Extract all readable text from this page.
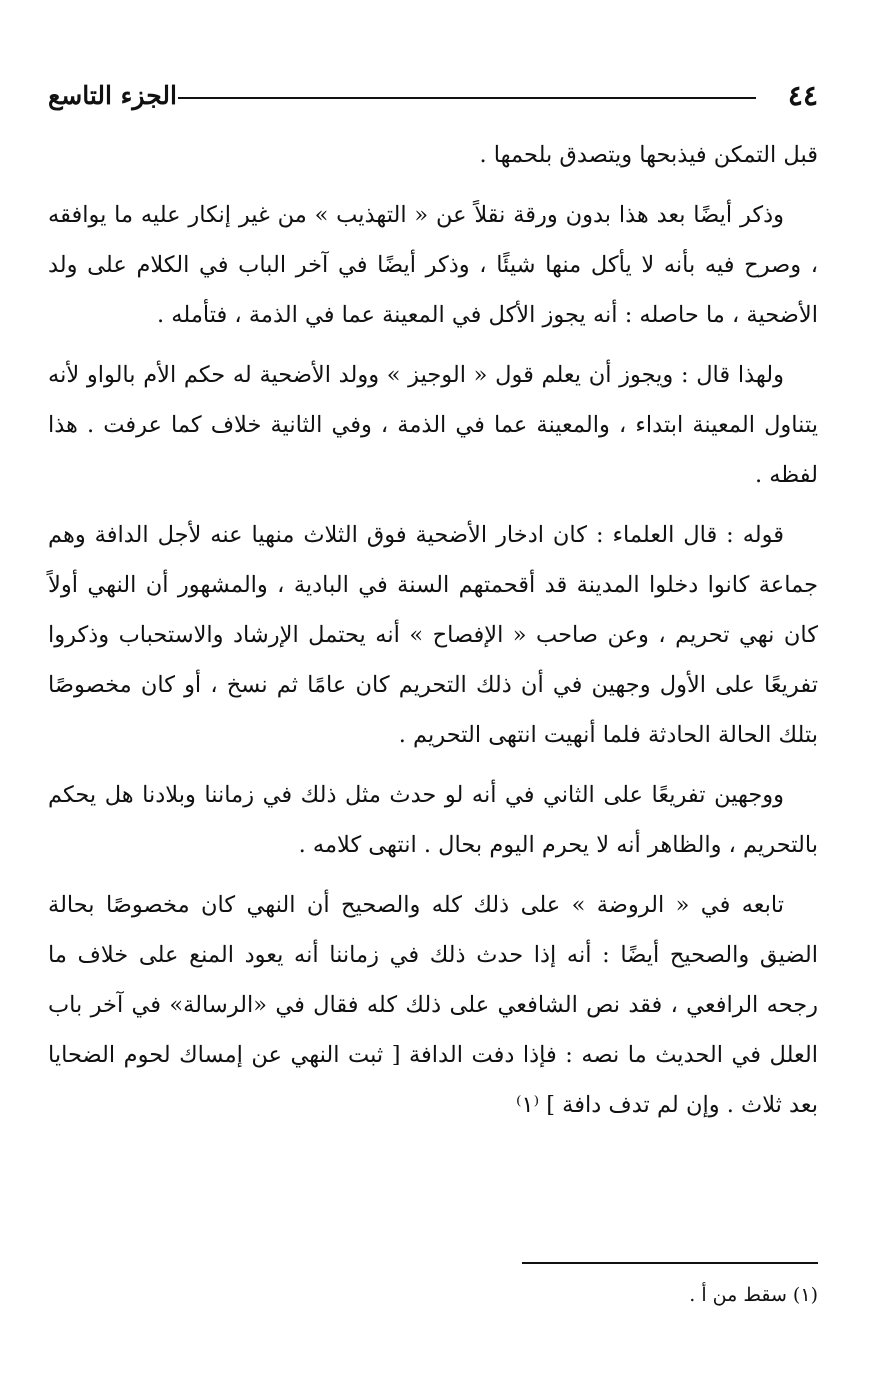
الجزء التاسع	٤٤

قبل التمكن فيذبحها ويتصدق بلحمها .

وذكر أيضًا بعد هذا بدون ورقة نقلاً عن « التهذيب » من غير إنكار عليه ما يوافقه ، وصرح فيه بأنه لا يأكل منها شيئًا ، وذكر أيضًا في آخر الباب في الكلام على ولد الأضحية ، ما حاصله : أنه يجوز الأكل في المعينة عما في الذمة ، فتأمله .

ولهذا قال : ويجوز أن يعلم قول « الوجيز » وولد الأضحية له حكم الأم بالواو لأنه يتناول المعينة ابتداء ، والمعينة عما في الذمة ، وفي الثانية خلاف كما عرفت . هذا لفظه .

قوله : قال العلماء : كان ادخار الأضحية فوق الثلاث منهيا عنه لأجل الدافة وهم جماعة كانوا دخلوا المدينة قد أقحمتهم السنة في البادية ، والمشهور أن النهي أولاً كان نهي تحريم ، وعن صاحب « الإفصاح » أنه يحتمل الإرشاد والاستحباب وذكروا تفريعًا على الأول وجهين في أن ذلك التحريم كان عامًا ثم نسخ ، أو كان مخصوصًا بتلك الحالة الحادثة فلما أنهيت انتهى التحريم .

ووجهين تفريعًا على الثاني في أنه لو حدث مثل ذلك في زماننا وبلادنا هل يحكم بالتحريم ، والظاهر أنه لا يحرم اليوم بحال . انتهى كلامه .

تابعه في « الروضة » على ذلك كله والصحيح أن النهي كان مخصوصًا بحالة الضيق والصحيح أيضًا : أنه إذا حدث ذلك في زماننا أنه يعود المنع على خلاف ما رجحه الرافعي ، فقد نص الشافعي على ذلك كله فقال في «الرسالة» في آخر باب العلل في الحديث ما نصه : فإذا دفت الدافة [ ثبت النهي عن إمساك لحوم الضحايا بعد ثلاث . وإن لم تدف دافة ] ⁽١⁾

(١) سقط من أ .
